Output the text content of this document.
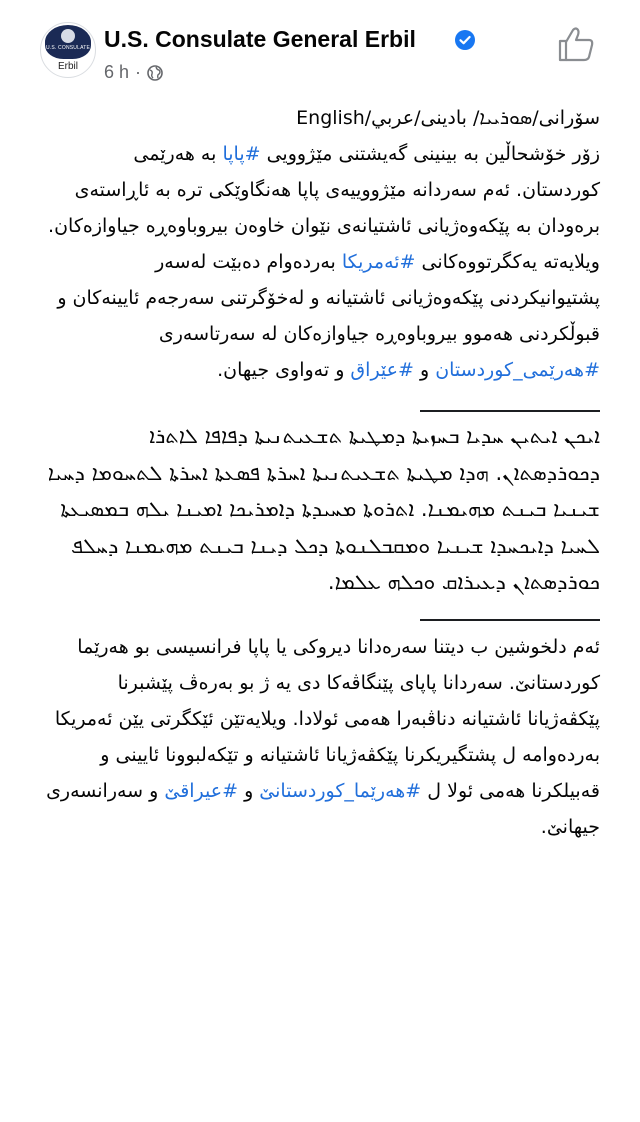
U.S. CONSULATE
Erbil
U.S. Consulate General Erbil
6 h ·

سۆرانی/ܣܘܪܝܝܐ/ بادینی/عربي/English

زۆر خۆشحاڵین بە بینینی گەیشتنی مێژوویی #پاپا بە هەرێمی کوردستان. ئەم سەردانە مێژووییەی پاپا هەنگاوێکی ترە بە ئاڕاستەی برەودان بە پێکەوەژیانی ئاشتیانەی نێوان خاوەن بیروباوەڕە جیاوازەکان. ویلایەتە یەکگرتووەکانی #ئەمریکا بەردەوام دەبێت لەسەر پشتیوانیکردنی پێکەوەژیانی ئاشتیانە و لەخۆگرتنی سەرجەم ئایینەکان و قبوڵکردنی هەموو بیروباوەڕە جیاوازەکان لە سەرتاسەری #هەرێمی_کوردستان و #عێراق و تەواوی جیهان.

ܐܝܟܢ ܐܝܬܝܢ ܚܕܝܐ ܒܚܙܝܬܐ ܕܡܛܝܬܐ ܬܫܥܝܬܢܝܬܐ ܕܦܐܦܐ ܠܐܬܪܐ ܕܟܘܪܕܣܬܐܢ. ܗܕܐ ܡܛܝܬܐ ܬܫܥܝܬܢܝܬܐ ܐܚܪܬܐ ܦܣܥܬܐ ܐܚܪܬܐ ܠܬܚܘܡܐ ܕܚܝܐ ܫܝܢܝܐ ܒܝܢܬ ܡܗܝܡܢܐ. ܐܬܪܘܬܐ ܡܚܝܕܬܐ ܕܐܡܪܝܟܐ ܐܡܝܢܐ ܝܠܗ ܒܡܣܝܥܬܐ ܠܚܝܐ ܕܐܝܟܚܕܐ ܫܝܢܝܐ ܘܡܩܒܠܢܘܬܐ ܕܟܠ ܕܝܢܐ ܒܝܢܬ ܡܗܝܡܢܐ ܕܚܠܦ ܟܘܪܕܣܬܐܢ ܕܥܝܪܐܩ ܘܟܠܗ ܥܠܡܐ.

ئەم دلخوشین ب دیتنا سەرەدانا دیروکی یا پاپا فرانسیسی بو هەرێما کوردستانێ. سەردانا پاپای پێنگاڤەکا دی یە ژ بو بەرەڤ پێشبرنا پێکڤەژیانا ئاشتیانە دناڤبەرا هەمی ئولادا. ویلایەتێن ئێکگرتی یێن ئەمریکا بەردەوامە ل پشتگیریکرنا پێکڤەژیانا ئاشتیانە و تێکەلبوونا ئایینی و قەبیلکرنا هەمی ئولا ل #هەرێما_کوردستانێ و #عیراقێ و سەرانسەری جیهانێ.
